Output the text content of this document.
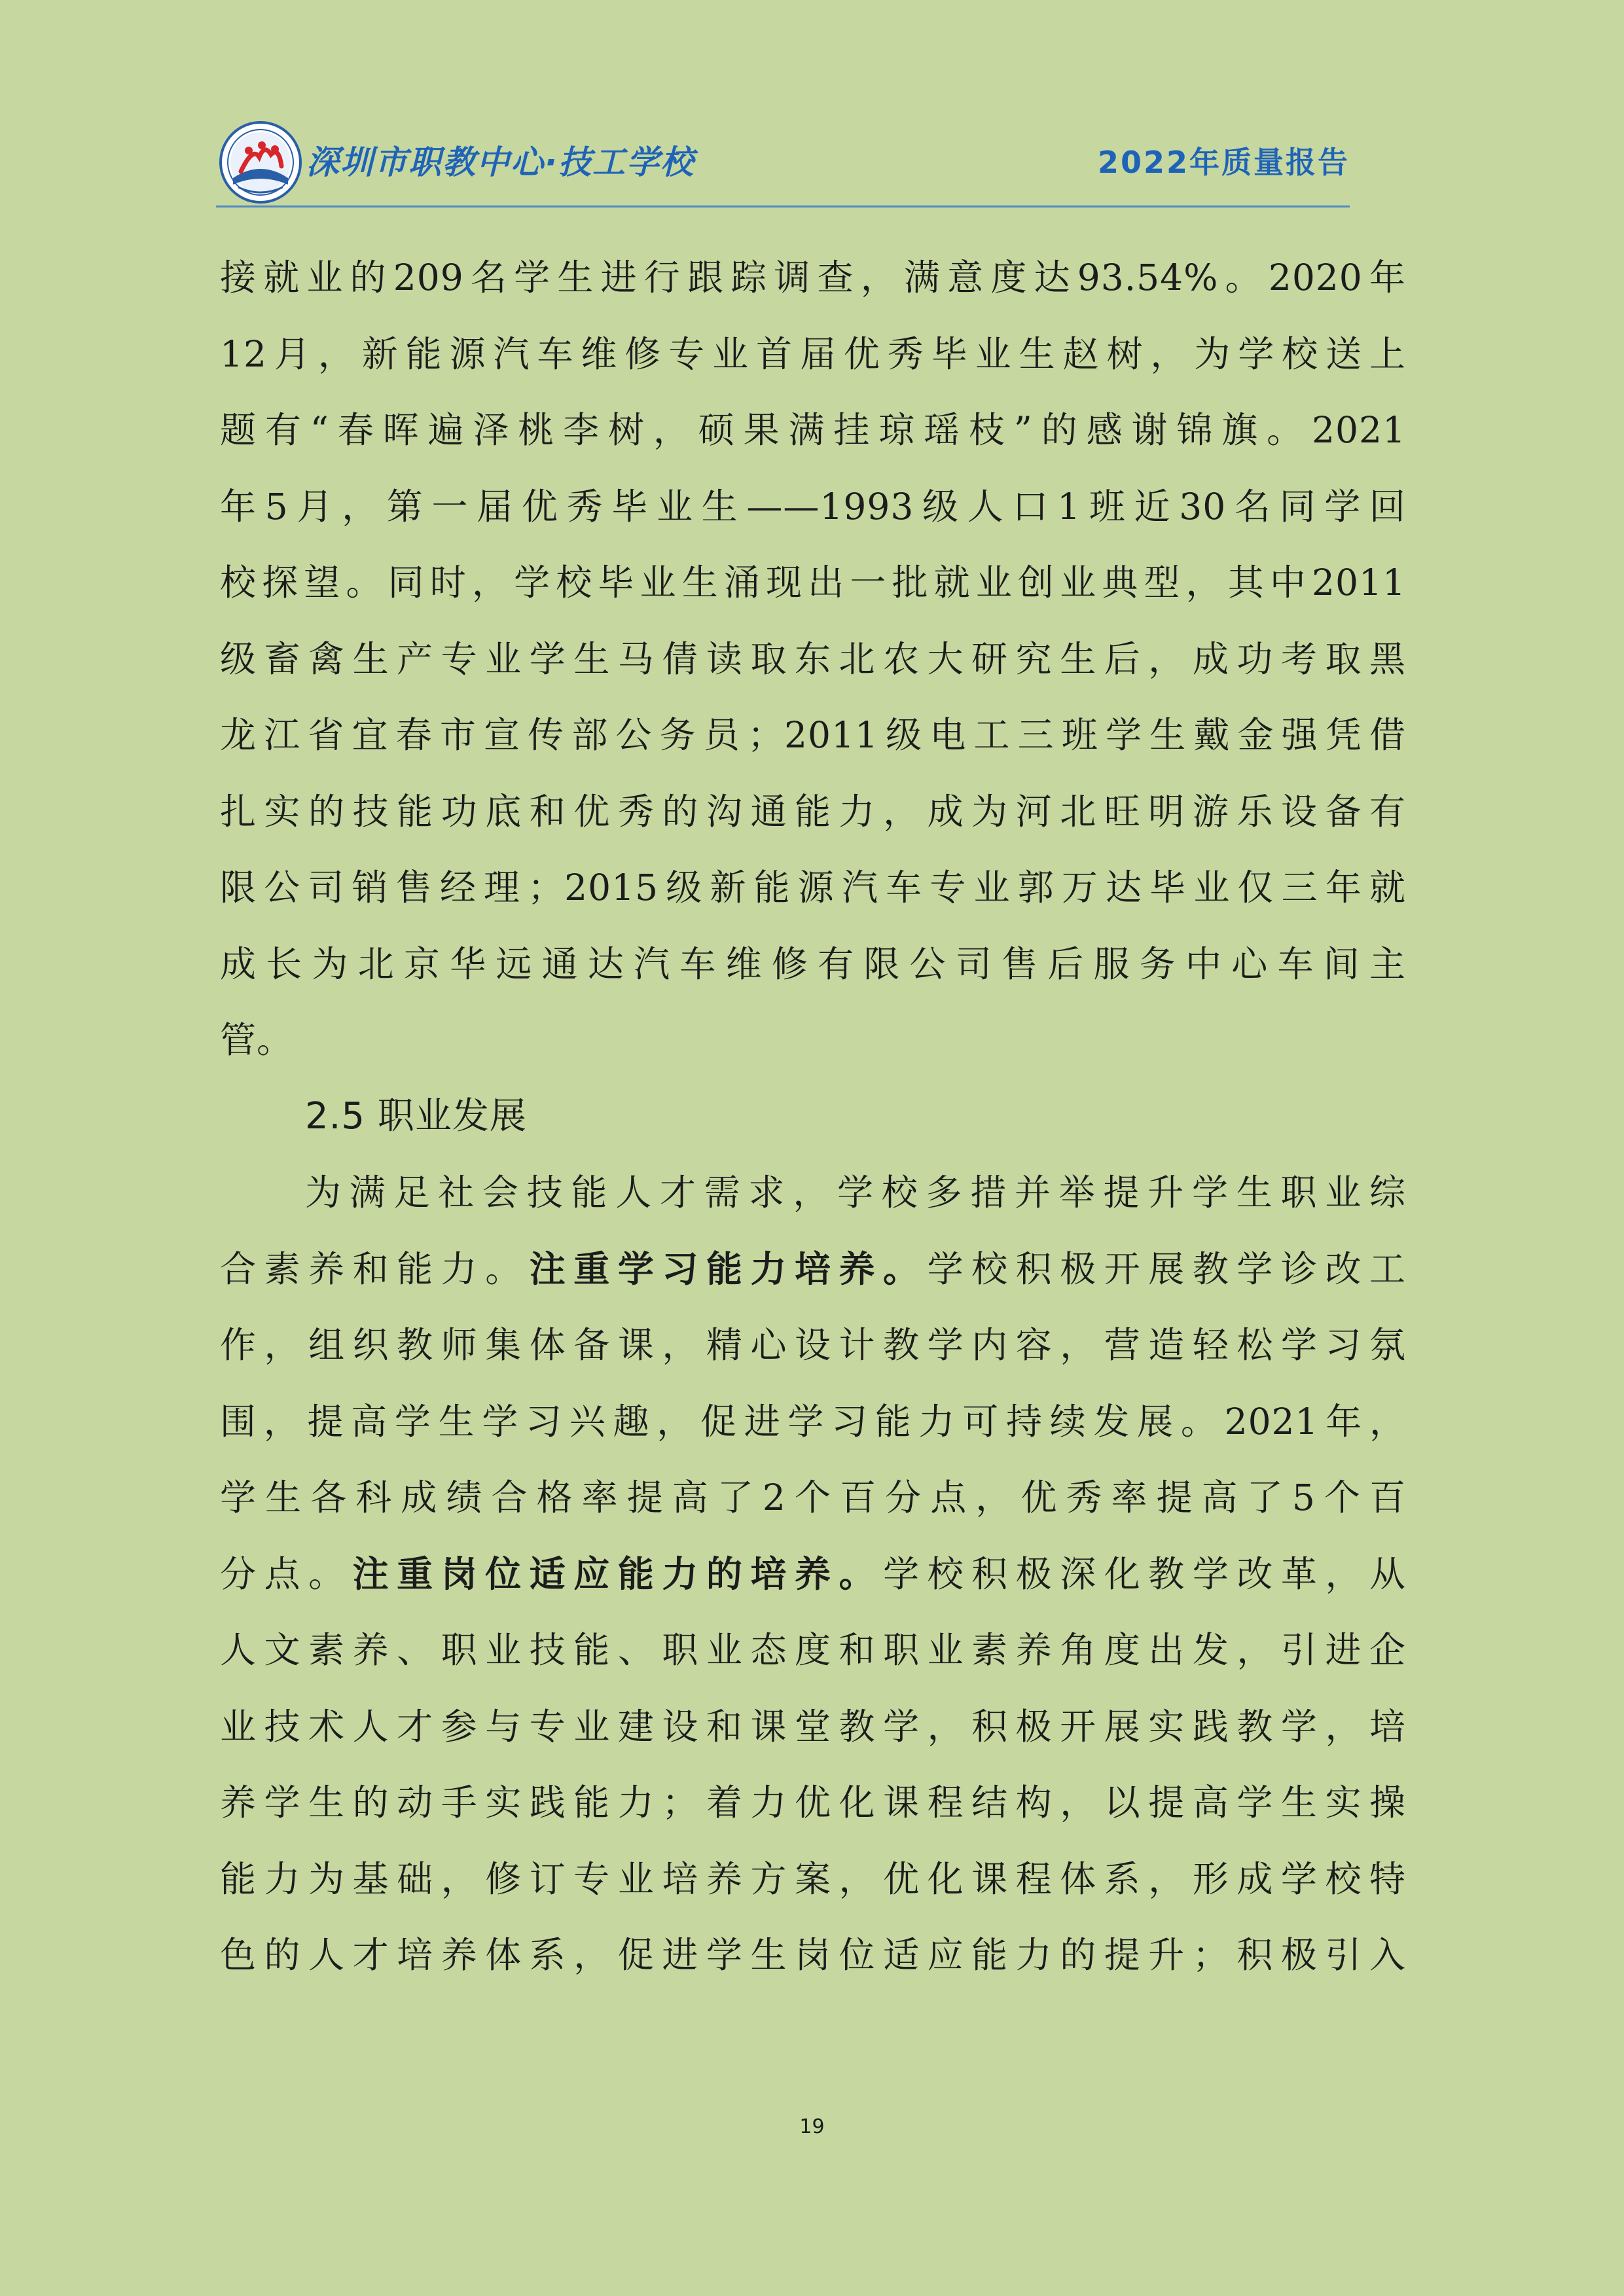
深圳市职教中心·技工学校	2022年质量报告

接就业的209名学生进行跟踪调查，满意度达93.54%。2020年

12月，新能源汽车维修专业首届优秀毕业生赵树，为学校送上

题有“春晖遍泽桃李树，硕果满挂琼瑶枝”的感谢锦旗。2021

年5月，第一届优秀毕业生——1993级人口1班近30名同学回

校探望。同时，学校毕业生涌现出一批就业创业典型，其中2011

级畜禽生产专业学生马倩读取东北农大研究生后，成功考取黑

龙江省宜春市宣传部公务员；2011级电工三班学生戴金强凭借

扎实的技能功底和优秀的沟通能力，成为河北旺明游乐设备有

限公司销售经理；2015级新能源汽车专业郭万达毕业仅三年就

成长为北京华远通达汽车维修有限公司售后服务中心车间主

管。

2.5 职业发展

为满足社会技能人才需求，学校多措并举提升学生职业综

合素养和能力。注重学习能力培养。学校积极开展教学诊改工

作，组织教师集体备课，精心设计教学内容，营造轻松学习氛

围，提高学生学习兴趣，促进学习能力可持续发展。2021年，

学生各科成绩合格率提高了2个百分点，优秀率提高了5个百

分点。注重岗位适应能力的培养。学校积极深化教学改革，从

人文素养、职业技能、职业态度和职业素养角度出发，引进企

业技术人才参与专业建设和课堂教学，积极开展实践教学，培

养学生的动手实践能力；着力优化课程结构，以提高学生实操

能力为基础，修订专业培养方案，优化课程体系，形成学校特

色的人才培养体系，促进学生岗位适应能力的提升；积极引入

19
